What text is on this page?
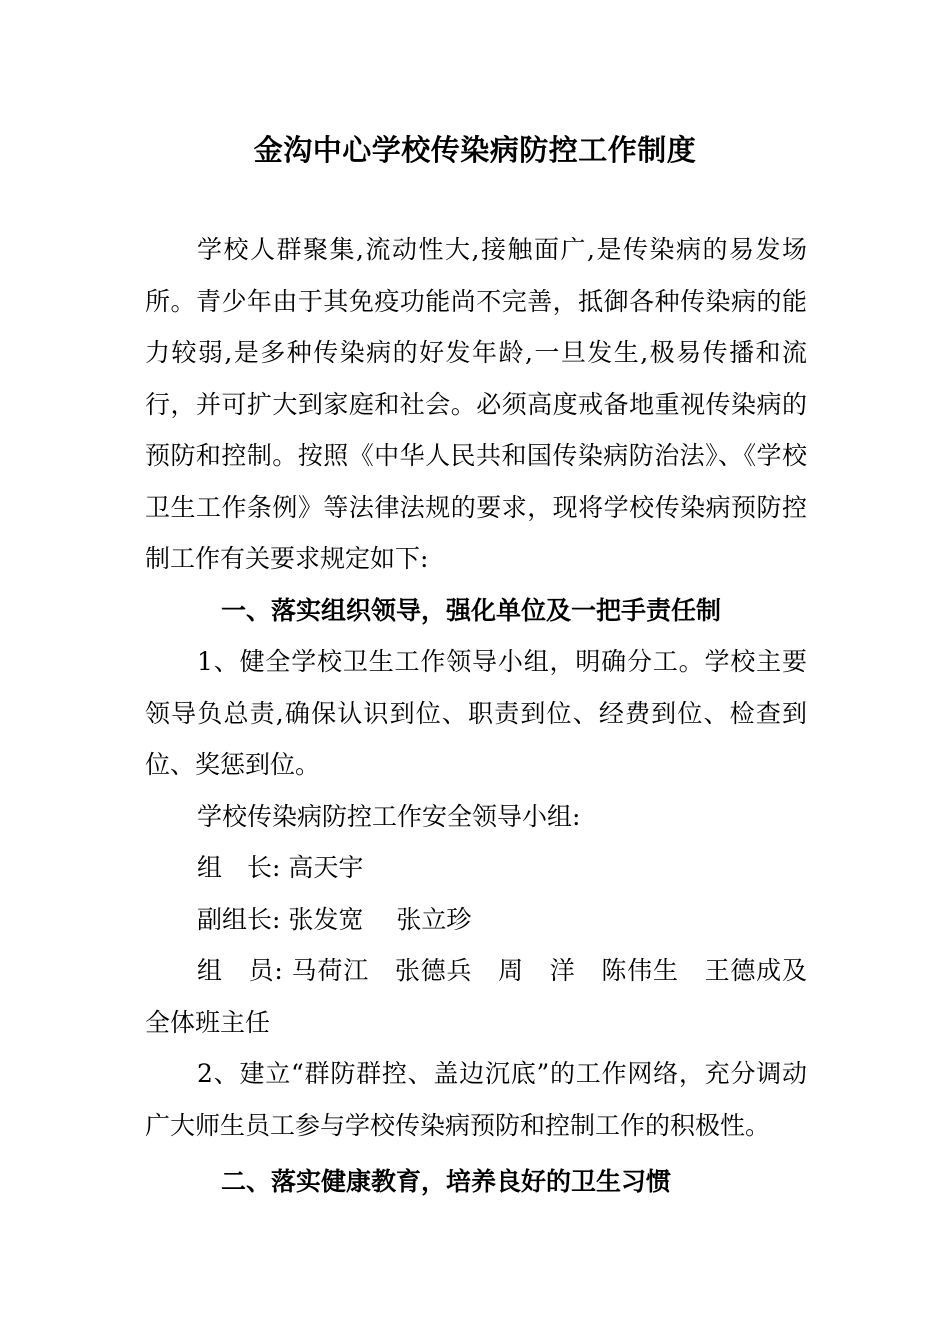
金沟中心学校传染病防控工作制度

学校人群聚集,流动性大,接触面广,是传染病的易发场所。青少年由于其免疫功能尚不完善，抵御各种传染病的能力较弱,是多种传染病的好发年龄,一旦发生,极易传播和流行，并可扩大到家庭和社会。必须高度戒备地重视传染病的预防和控制。按照《中华人民共和国传染病防治法》、《学校卫生工作条例》等法律法规的要求，现将学校传染病预防控制工作有关要求规定如下:

一、落实组织领导，强化单位及一把手责任制

1、健全学校卫生工作领导小组，明确分工。学校主要领导负总责,确保认识到位、职责到位、经费到位、检查到位、奖惩到位。

学校传染病防控工作安全领导小组:

组　长: 高天宇

副组长: 张发宽　 张立珍

组　员: 马荷江　张德兵　周　洋　陈伟生　王德成及全体班主任

2、建立“群防群控、盖边沉底”的工作网络，充分调动广大师生员工参与学校传染病预防和控制工作的积极性。

二、落实健康教育，培养良好的卫生习惯
